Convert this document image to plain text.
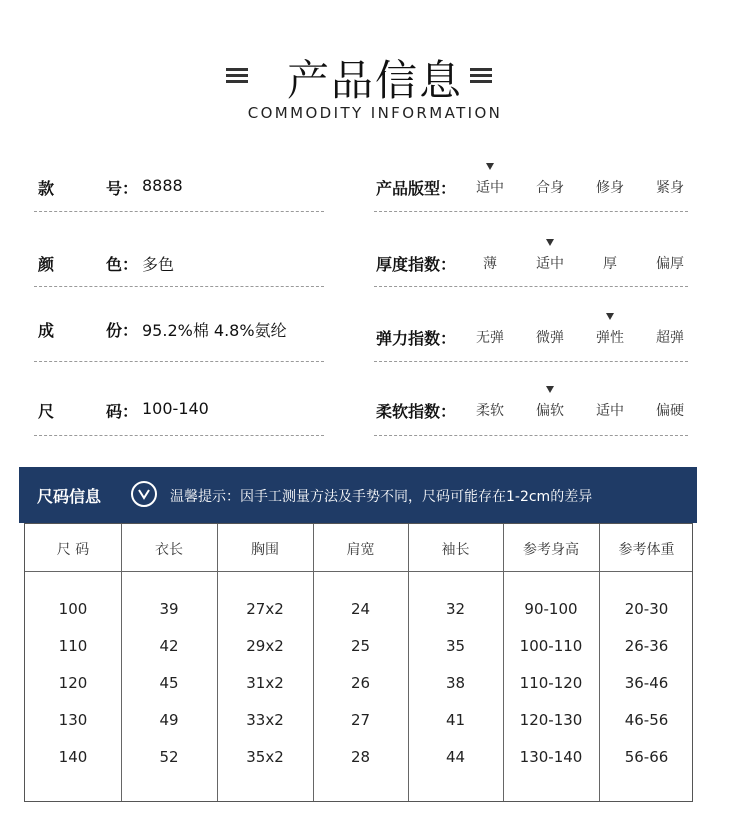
产品信息
COMMODITY INFORMATION
款	号： 8888
颜	色： 多色
成	份： 95.2%棉 4.8%氨纶
尺	码： 100-140
产品版型：	适中	合身	修身	紧身
厚度指数：	薄	适中	厚	偏厚
弹力指数：	无弹	微弹	弹性	超弹
柔软指数：	柔软	偏软	适中	偏硬
尺码信息	温馨提示：因手工测量方法及手势不同，尺码可能存在1-2cm的差异
尺 码	衣长	胸围	肩宽	袖长	参考身高	参考体重
100	39	27x2	24	32	90-100	20-30
110	42	29x2	25	35	100-110	26-36
120	45	31x2	26	38	110-120	36-46
130	49	33x2	27	41	120-130	46-56
140	52	35x2	28	44	130-140	56-66
